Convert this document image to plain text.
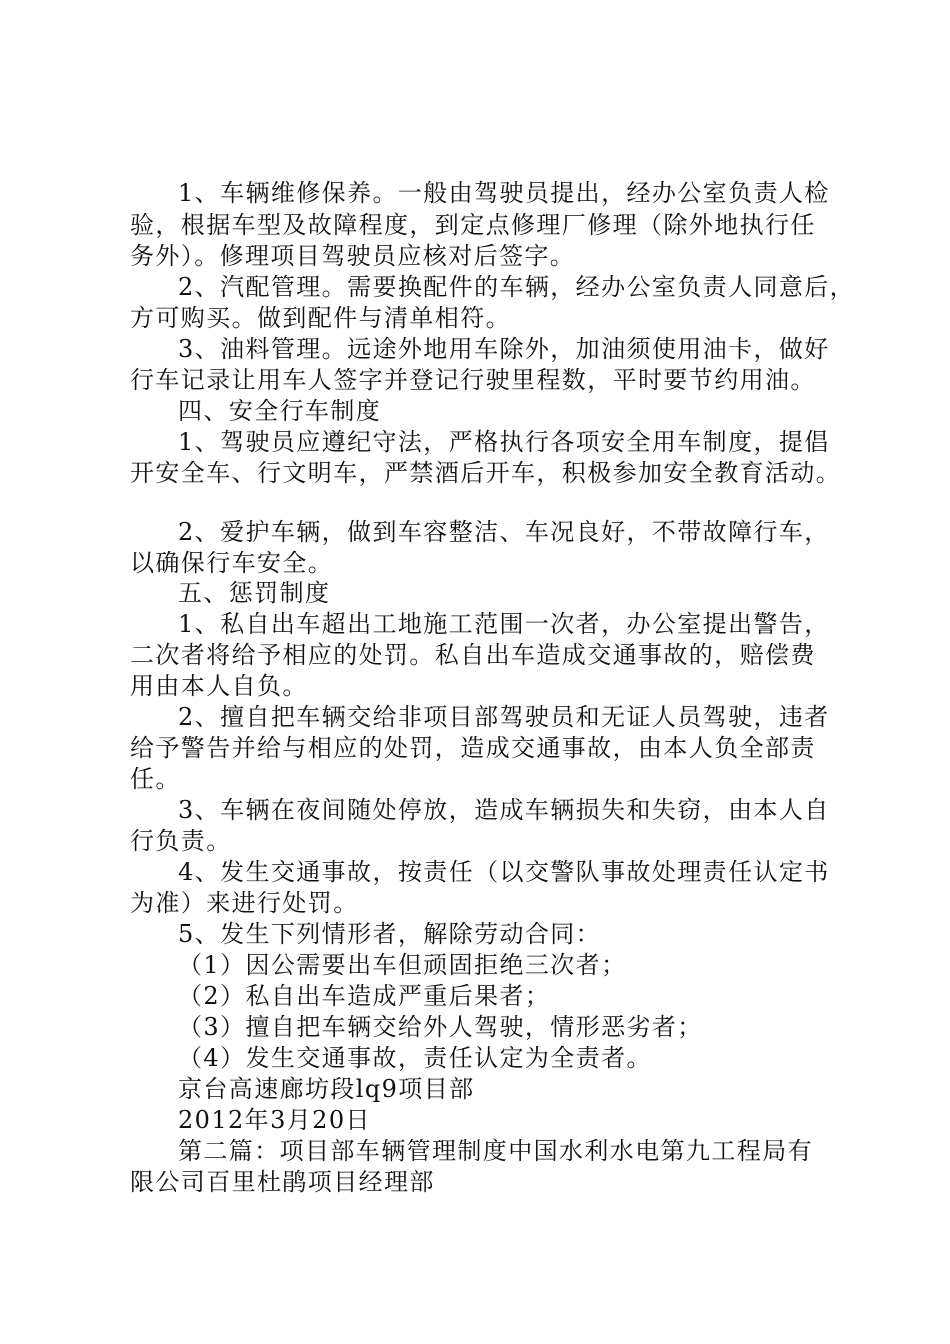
1、车辆维修保养。一般由驾驶员提出，经办公室负责人检
验，根据车型及故障程度，到定点修理厂修理（除外地执行任
务外）。修理项目驾驶员应核对后签字。
2、汽配管理。需要换配件的车辆，经办公室负责人同意后，
方可购买。做到配件与清单相符。
3、油料管理。远途外地用车除外，加油须使用油卡，做好
行车记录让用车人签字并登记行驶里程数，平时要节约用油。
四、安全行车制度
1、驾驶员应遵纪守法，严格执行各项安全用车制度，提倡
开安全车、行文明车，严禁酒后开车，积极参加安全教育活动。
2、爱护车辆，做到车容整洁、车况良好，不带故障行车，
以确保行车安全。
五、惩罚制度
1、私自出车超出工地施工范围一次者，办公室提出警告，
二次者将给予相应的处罚。私自出车造成交通事故的，赔偿费
用由本人自负。
2、擅自把车辆交给非项目部驾驶员和无证人员驾驶，违者
给予警告并给与相应的处罚，造成交通事故，由本人负全部责
任。
3、车辆在夜间随处停放，造成车辆损失和失窃，由本人自
行负责。
4、发生交通事故，按责任（以交警队事故处理责任认定书
为准）来进行处罚。
5、发生下列情形者，解除劳动合同：
（1）因公需要出车但顽固拒绝三次者；
（2）私自出车造成严重后果者；
（3）擅自把车辆交给外人驾驶，情形恶劣者；
（4）发生交通事故，责任认定为全责者。
京台高速廊坊段lq9项目部
2012年3月20日
第二篇：项目部车辆管理制度中国水利水电第九工程局有
限公司百里杜鹃项目经理部
